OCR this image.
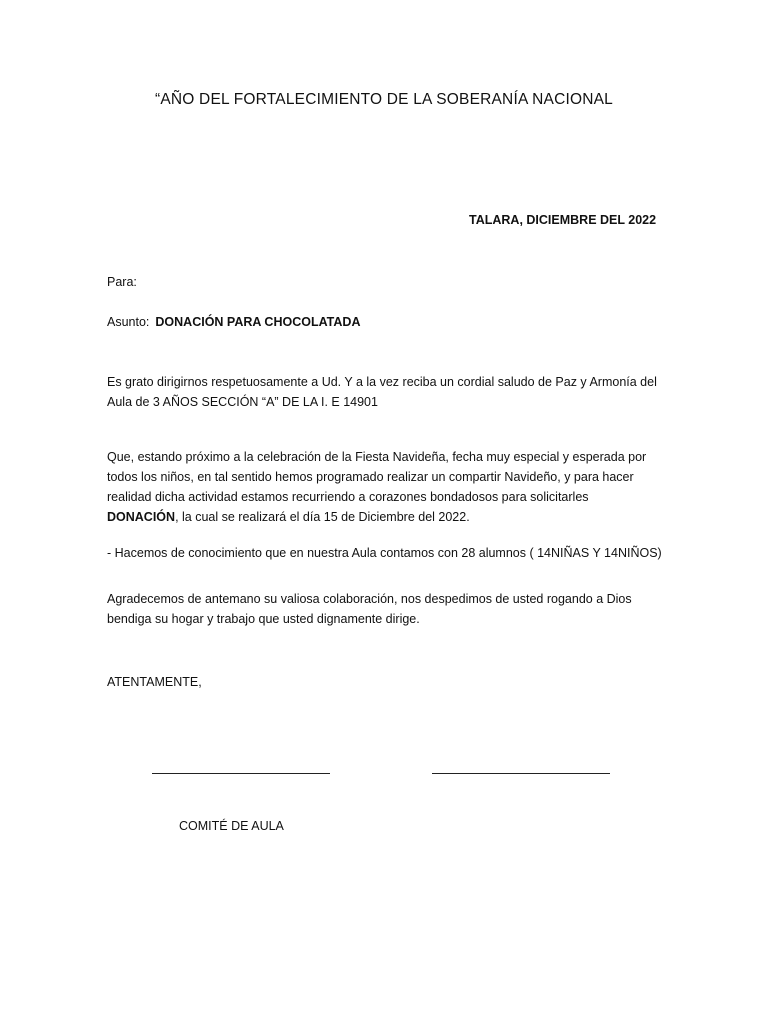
“AÑO DEL FORTALECIMIENTO DE LA SOBERANÍA NACIONAL
TALARA, DICIEMBRE DEL 2022
Para:
Asunto: DONACIÓN PARA CHOCOLATADA
Es grato dirigirnos respetuosamente a Ud. Y a la vez reciba un cordial saludo de Paz y Armonía del
Aula de 3 AÑOS SECCIÓN “A” DE LA I. E 14901
Que, estando próximo a la celebración de la Fiesta Navideña, fecha muy especial y esperada por
todos los niños, en tal sentido hemos programado realizar un compartir Navideño, y para hacer
realidad dicha actividad estamos recurriendo a corazones bondadosos para solicitarles
DONACIÓN, la cual se realizará el día 15 de Diciembre del 2022.
- Hacemos de conocimiento que en nuestra Aula contamos con 28 alumnos ( 14NIÑAS Y 14NIÑOS)
Agradecemos de antemano su valiosa colaboración, nos despedimos de usted rogando a Dios
bendiga su hogar y trabajo que usted dignamente dirige.
ATENTAMENTE,
COMITÉ DE AULA
